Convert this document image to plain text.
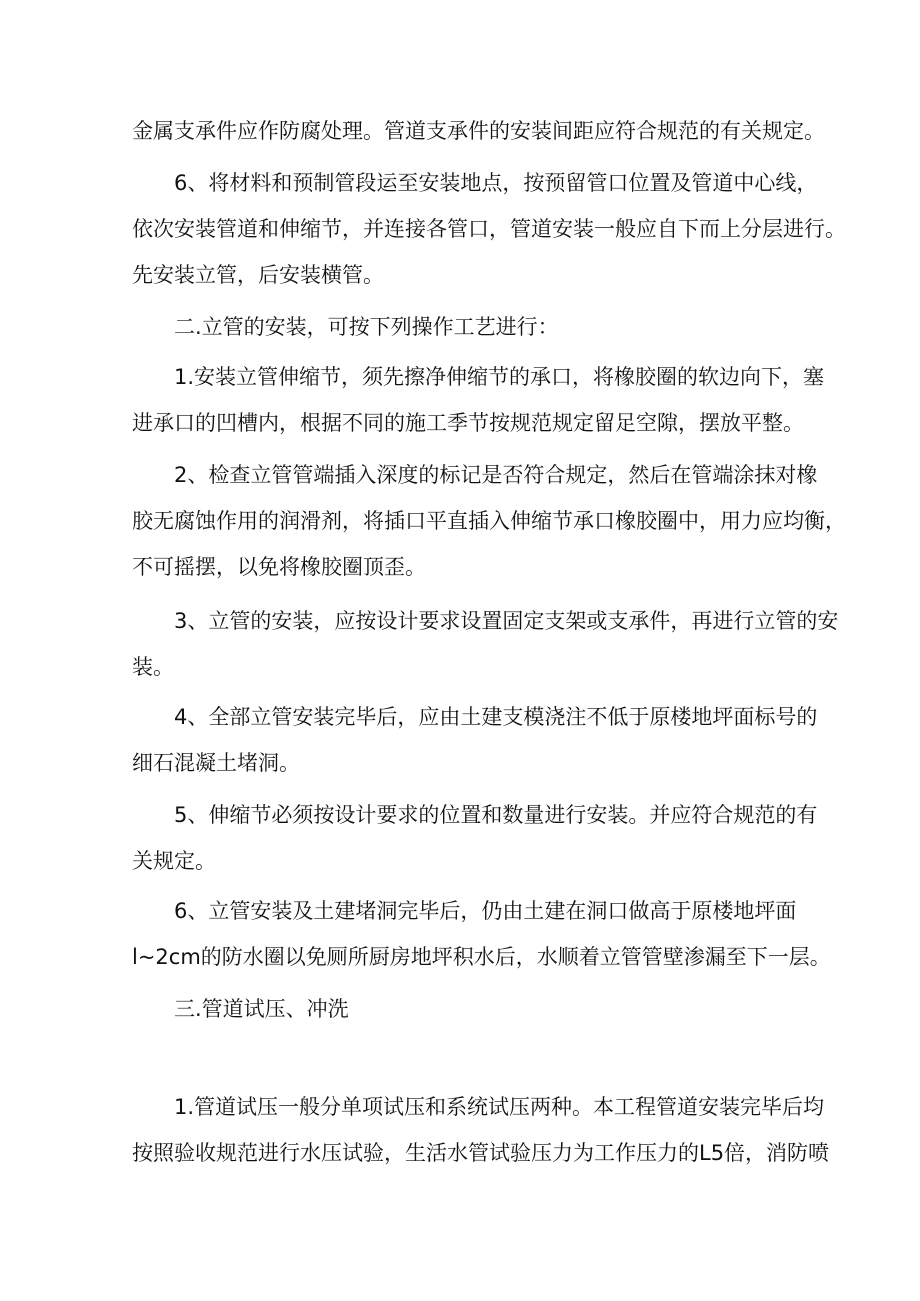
金属支承件应作防腐处理。管道支承件的安装间距应符合规范的有关规定。
6、将材料和预制管段运至安装地点，按预留管口位置及管道中心线，
依次安装管道和伸缩节，并连接各管口，管道安装一般应自下而上分层进行。
先安装立管，后安装横管。
二.立管的安装，可按下列操作工艺进行：
1.安装立管伸缩节，须先擦净伸缩节的承口，将橡胶圈的软边向下，塞
进承口的凹槽内，根据不同的施工季节按规范规定留足空隙，摆放平整。
2、检查立管管端插入深度的标记是否符合规定，然后在管端涂抹对橡
胶无腐蚀作用的润滑剂，将插口平直插入伸缩节承口橡胶圈中，用力应均衡，
不可摇摆，以免将橡胶圈顶歪。
3、立管的安装，应按设计要求设置固定支架或支承件，再进行立管的安
装。
4、全部立管安装完毕后，应由土建支模浇注不低于原楼地坪面标号的
细石混凝土堵洞。
5、伸缩节必须按设计要求的位置和数量进行安装。并应符合规范的有
关规定。
6、立管安装及土建堵洞完毕后，仍由土建在洞口做高于原楼地坪面
l~2cm的防水圈以免厕所厨房地坪积水后，水顺着立管管壁渗漏至下一层。
三.管道试压、冲洗
1.管道试压一般分单项试压和系统试压两种。本工程管道安装完毕后均
按照验收规范进行水压试验，生活水管试验压力为工作压力的L5倍，消防喷
